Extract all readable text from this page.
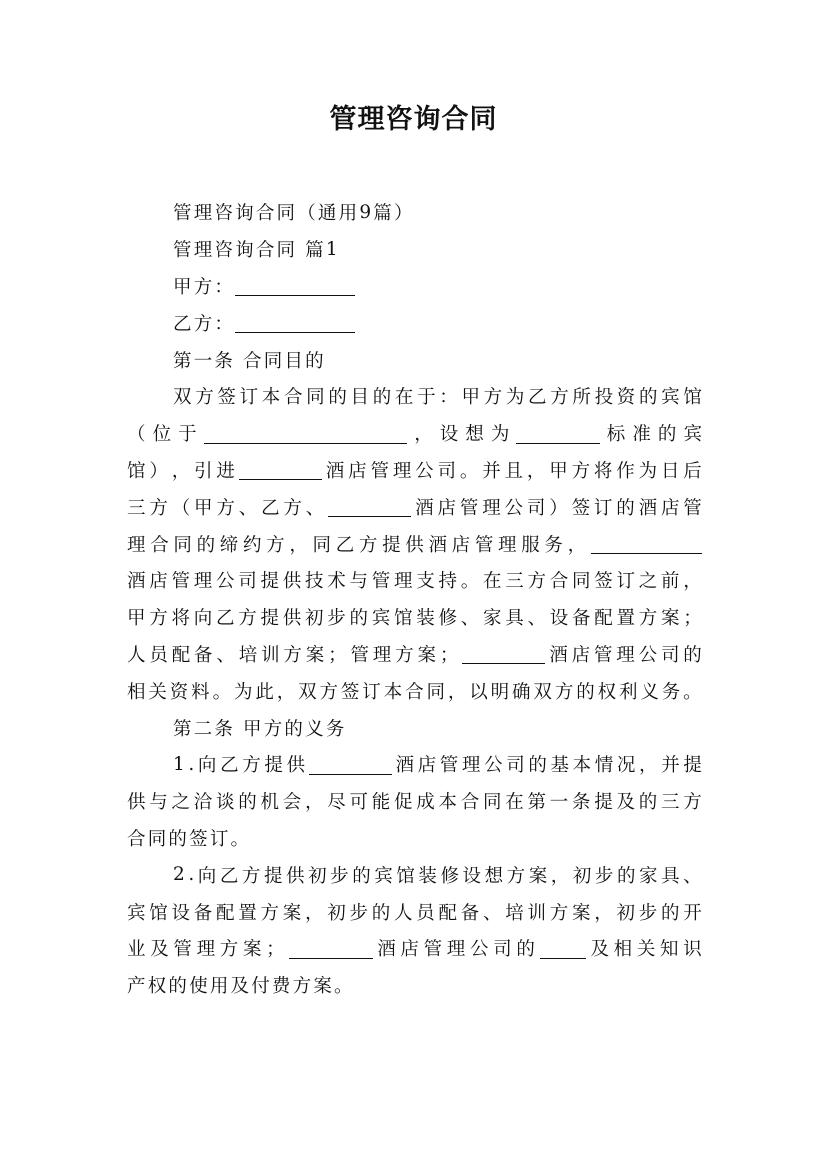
管理咨询合同
管 理 咨 询 合 同 （ 通 用 9 篇 ）
管 理 咨 询 合 同
篇 1
甲 方 ：
乙 方 ：
第 一 条
合 同 目 的
双 方 签 订 本 合 同 的 目 的 在 于 ： 甲 方 为 乙 方 所 投 资 的 宾 馆
（ 位 于	， 设 想 为	标 准 的 宾
馆 ） ， 引 进	酒 店 管 理 公 司 。 并 且 ， 甲 方 将 作 为 日 后
三 方 （ 甲 方 、 乙 方 、	酒 店 管 理 公 司 ） 签 订 的 酒 店 管
理 合 同 的 缔 约 方 ， 同 乙 方 提 供 酒 店 管 理 服 务 ，
酒 店 管 理 公 司 提 供 技 术 与 管 理 支 持 。 在 三 方 合 同 签 订 之 前 ，
甲 方 将 向 乙 方 提 供 初 步 的 宾 馆 装 修 、 家 具 、 设 备 配 置 方 案 ；
人 员 配 备 、 培 训 方 案 ； 管 理 方 案 ；	酒 店 管 理 公 司 的
相 关 资 料 。 为 此 ， 双 方 签 订 本 合 同 ， 以 明 确 双 方 的 权 利 义 务 。
第 二 条
甲 方 的 义 务
1 . 向 乙 方 提 供	酒 店 管 理 公 司 的 基 本 情 况 ， 并 提
供 与 之 洽 谈 的 机 会 ， 尽 可 能 促 成 本 合 同 在 第 一 条 提 及 的 三 方
合 同 的 签 订 。
2 . 向 乙 方 提 供 初 步 的 宾 馆 装 修 设 想 方 案 ， 初 步 的 家 具 、
宾 馆 设 备 配 置 方 案 ， 初 步 的 人 员 配 备 、 培 训 方 案 ， 初 步 的 开
业 及 管 理 方 案 ；	酒 店 管 理 公 司 的	及 相 关 知 识
产 权 的 使 用 及 付 费 方 案 。
